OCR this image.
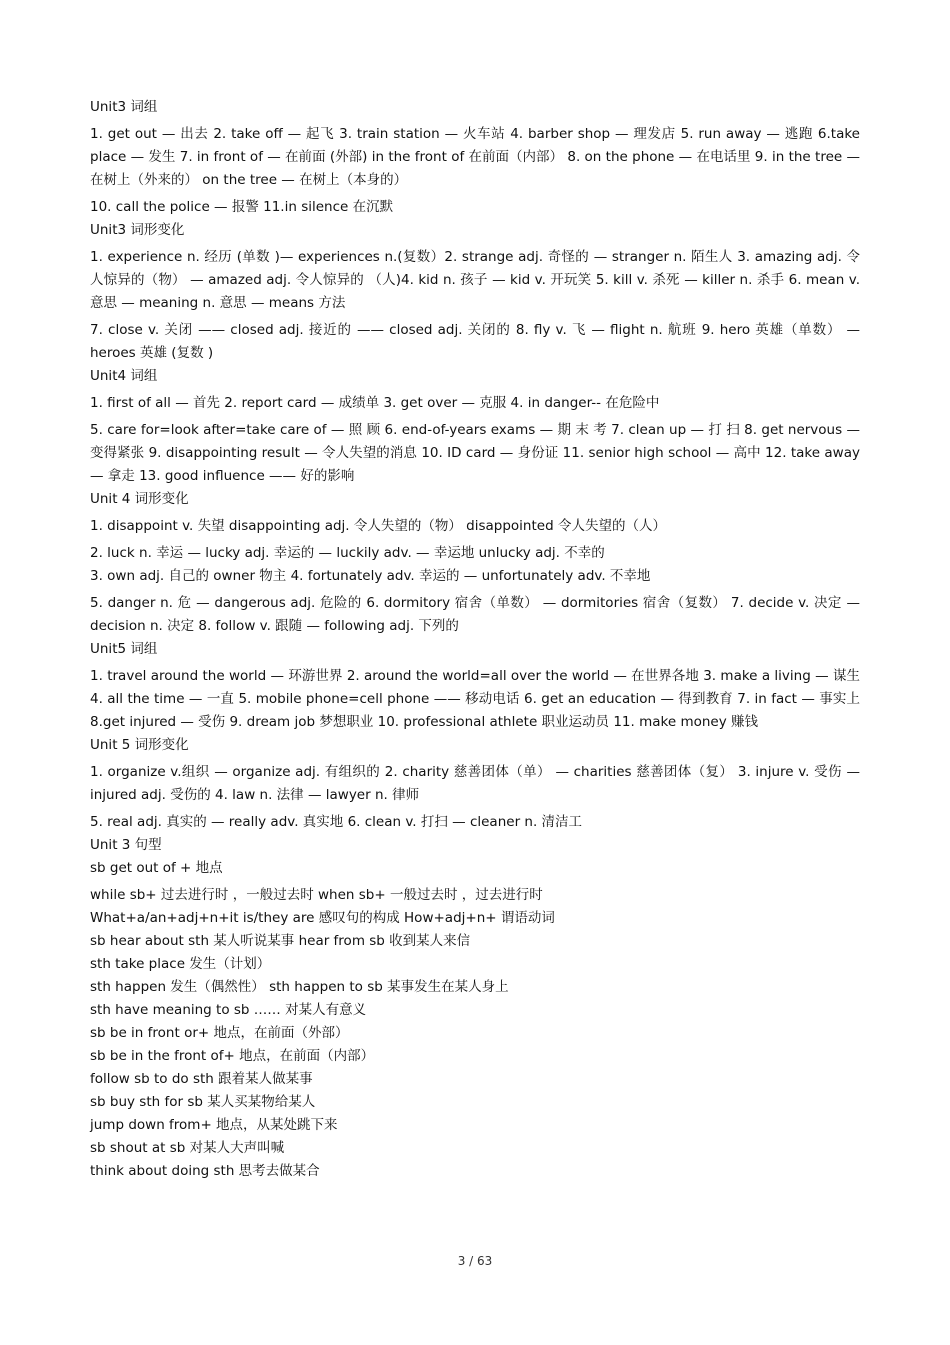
Unit3 词组

1. get out — 出去 2. take off — 起飞 3. train station — 火车站 4. barber shop — 理发店 5. run away — 逃跑 6.take place — 发生 7. in front of — 在前面 (外部) in the front of 在前面（内部） 8. on the phone — 在电话里 9. in the tree — 在树上（外来的） on the tree — 在树上（本身的）

10. call the police — 报警 11.in silence 在沉默

Unit3 词形变化

1. experience n. 经历 (单数 )— experiences n.(复数）2. strange adj. 奇怪的 — stranger n. 陌生人 3. amazing adj. 令人惊异的（物） — amazed adj. 令人惊异的 （人)4. kid n. 孩子 — kid v. 开玩笑 5. kill v. 杀死 — killer n. 杀手 6. mean v. 意思 — meaning n. 意思 — means 方法

7. close v. 关闭 —— closed adj. 接近的 —— closed adj. 关闭的 8. fly v. 飞 — flight n. 航班 9. hero 英雄（单数） — heroes 英雄 (复数 )

Unit4 词组

1. first of all — 首先 2. report card — 成绩单 3. get over — 克服 4. in danger-- 在危险中

5. care for=look after=take care of — 照 顾 6. end-of-years exams — 期 末 考 7. clean up — 打 扫 8. get nervous — 变得紧张 9. disappointing result — 令人失望的消息 10. ID card — 身份证 11. senior high school — 高中 12. take away — 拿走 13. good influence —— 好的影响

Unit 4 词形变化

1. disappoint v. 失望 disappointing adj. 令人失望的（物） disappointed 令人失望的（人）

2. luck n. 幸运 — lucky adj. 幸运的 — luckily adv. — 幸运地 unlucky adj. 不幸的

3. own adj. 自己的 owner 物主 4. fortunately adv. 幸运的 — unfortunately adv. 不幸地

5. danger n. 危 — dangerous adj. 危险的 6. dormitory 宿舍（单数） — dormitories 宿舍（复数） 7. decide v. 决定 — decision n. 决定 8. follow v. 跟随 — following adj. 下列的

Unit5 词组

1. travel around the world — 环游世界 2. around the world=all over the world — 在世界各地 3. make a living — 谋生 4. all the time — 一直 5. mobile phone=cell phone —— 移动电话 6. get an education — 得到教育 7. in fact — 事实上 8.get injured — 受伤 9. dream job 梦想职业 10. professional athlete 职业运动员 11. make money 赚钱

Unit 5 词形变化

1. organize v.组织 — organize adj. 有组织的 2. charity 慈善团体（单） — charities 慈善团体（复） 3. injure v. 受伤 — injured adj. 受伤的 4. law n. 法律 — lawyer n. 律师

5. real adj. 真实的 — really adv. 真实地 6. clean v. 打扫 — cleaner n. 清洁工

Unit 3 句型

sb get out of + 地点

while sb+ 过去进行时 ，一般过去时 when sb+ 一般过去时 ，过去进行时

What+a/an+adj+n+it is/they are 感叹句的构成 How+adj+n+ 谓语动词

sb hear about sth 某人听说某事 hear from sb 收到某人来信

sth take place 发生（计划）

sth happen 发生（偶然性） sth happen to sb 某事发生在某人身上

sth have meaning to sb …… 对某人有意义

sb be in front or+ 地点，在前面（外部）

sb be in the front of+ 地点，在前面（内部）

follow sb to do sth 跟着某人做某事

sb buy sth for sb 某人买某物给某人

jump down from+ 地点，从某处跳下来

sb shout at sb 对某人大声叫喊

think about doing sth 思考去做某合

3 / 63
